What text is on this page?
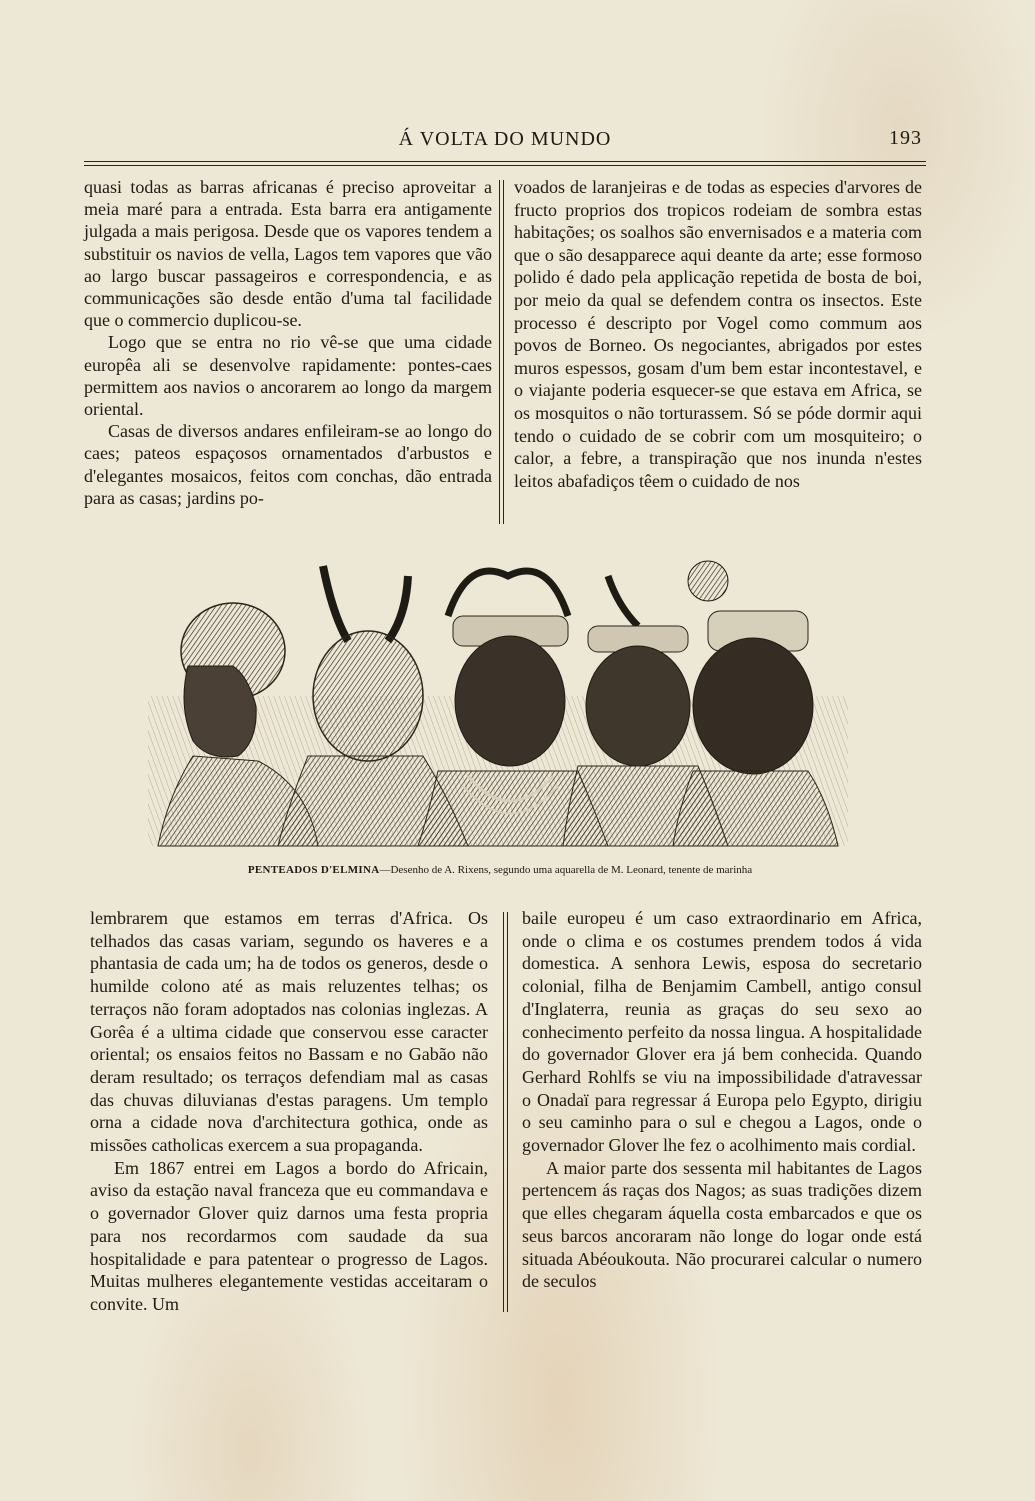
Á VOLTA DO MUNDO	193

quasi todas as barras africanas é preciso aproveitar a meia maré para a entrada. Esta barra era antigamente julgada a mais perigosa. Desde que os vapores tendem a substituir os navios de vella, Lagos tem vapores que vão ao largo buscar passageiros e correspondencia, e as communicações são desde então d'uma tal facilidade que o commercio duplicou-se.

Logo que se entra no rio vê-se que uma cidade europêa ali se desenvolve rapidamente: pontes-caes permittem aos navios o ancorarem ao longo da margem oriental.

Casas de diversos andares enfileiram-se ao longo do caes; pateos espaçosos ornamentados d'arbustos e d'elegantes mosaicos, feitos com conchas, dão entrada para as casas; jardins po-

voados de laranjeiras e de todas as especies d'arvores de fructo proprios dos tropicos rodeiam de sombra estas habitações; os soalhos são envernisados e a materia com que o são desapparece aqui deante da arte; esse formoso polido é dado pela applicação repetida de bosta de boi, por meio da qual se defendem contra os insectos. Este processo é descripto por Vogel como commum aos povos de Borneo. Os negociantes, abrigados por estes muros espessos, gosam d'um bem estar incontestavel, e o viajante poderia esquecer-se que estava em Africa, se os mosquitos o não torturassem. Só se póde dormir aqui tendo o cuidado de se cobrir com um mosquiteiro; o calor, a febre, a transpiração que nos inunda n'estes leitos abafadiços têem o cuidado de nos

PENTEADOS D'ELMINA—Desenho de A. Rixens, segundo uma aquarella de M. Leonard, tenente de marinha

lembrarem que estamos em terras d'Africa. Os telhados das casas variam, segundo os haveres e a phantasia de cada um; ha de todos os generos, desde o humilde colono até as mais reluzentes telhas; os terraços não foram adoptados nas colonias inglezas. A Gorêa é a ultima cidade que conservou esse caracter oriental; os ensaios feitos no Bassam e no Gabão não deram resultado; os terraços defendiam mal as casas das chuvas diluvianas d'estas paragens. Um templo orna a cidade nova d'architectura gothica, onde as missões catholicas exercem a sua propaganda.

Em 1867 entrei em Lagos a bordo do Africain, aviso da estação naval franceza que eu commandava e o governador Glover quiz darnos uma festa propria para nos recordarmos com saudade da sua hospitalidade e para patentear o progresso de Lagos. Muitas mulheres elegantemente vestidas acceitaram o convite. Um

baile europeu é um caso extraordinario em Africa, onde o clima e os costumes prendem todos á vida domestica. A senhora Lewis, esposa do secretario colonial, filha de Benjamim Cambell, antigo consul d'Inglaterra, reunia as graças do seu sexo ao conhecimento perfeito da nossa lingua. A hospitalidade do governador Glover era já bem conhecida. Quando Gerhard Rohlfs se viu na impossibilidade d'atravessar o Onadaï para regressar á Europa pelo Egypto, dirigiu o seu caminho para o sul e chegou a Lagos, onde o governador Glover lhe fez o acolhimento mais cordial.

A maior parte dos sessenta mil habitantes de Lagos pertencem ás raças dos Nagos; as suas tradições dizem que elles chegaram áquella costa embarcados e que os seus barcos ancoraram não longe do logar onde está situada Abéoukouta. Não procurarei calcular o numero de seculos
